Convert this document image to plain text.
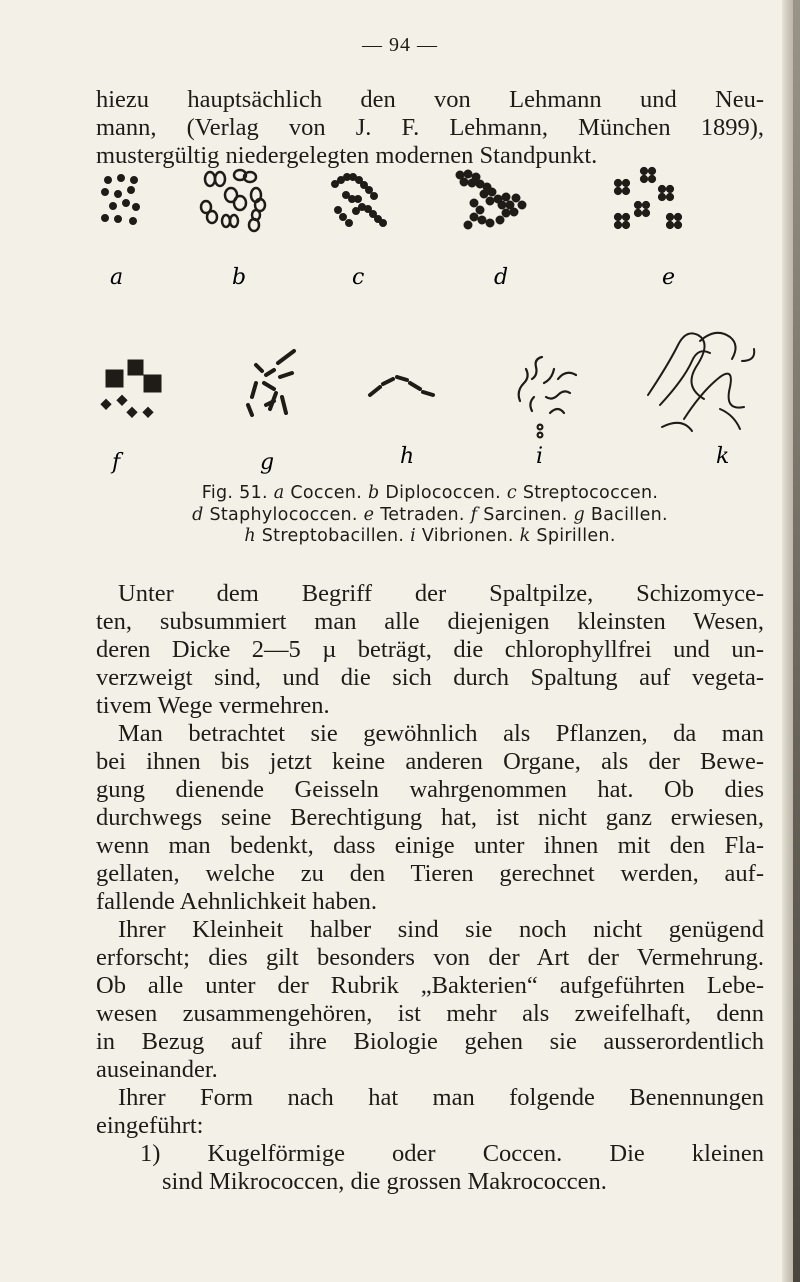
— 94 —

hiezu hauptsächlich den von Lehmann und Neu-

mann, (Verlag von J. F. Lehmann, München 1899),

mustergültig niedergelegten modernen Standpunkt.

a	b	c	d	e
f	g	h	i	k
Fig. 51. a Coccen. b Diplococcen. c Streptococcen.
d Staphylococcen. e Tetraden. f Sarcinen. g Bacillen.
h Streptobacillen. i Vibrionen. k Spirillen.

Unter dem Begriff der Spaltpilze, Schizomyce-

ten, subsummiert man alle diejenigen kleinsten Wesen,

deren Dicke 2—5 µ beträgt, die chlorophyllfrei und un-

verzweigt sind, und die sich durch Spaltung auf vegeta-

tivem Wege vermehren.

Man betrachtet sie gewöhnlich als Pflanzen, da man

bei ihnen bis jetzt keine anderen Organe, als der Bewe-

gung dienende Geisseln wahrgenommen hat. Ob dies

durchwegs seine Berechtigung hat, ist nicht ganz erwiesen,

wenn man bedenkt, dass einige unter ihnen mit den Fla-

gellaten, welche zu den Tieren gerechnet werden, auf-

fallende Aehnlichkeit haben.

Ihrer Kleinheit halber sind sie noch nicht genügend

erforscht; dies gilt besonders von der Art der Vermehrung.

Ob alle unter der Rubrik „Bakterien“ aufgeführten Lebe-

wesen zusammengehören, ist mehr als zweifelhaft, denn

in Bezug auf ihre Biologie gehen sie ausserordentlich

auseinander.

Ihrer Form nach hat man folgende Benennungen

eingeführt:

1) Kugelförmige oder Coccen. Die kleinen

sind Mikrococcen, die grossen Makrococcen.
